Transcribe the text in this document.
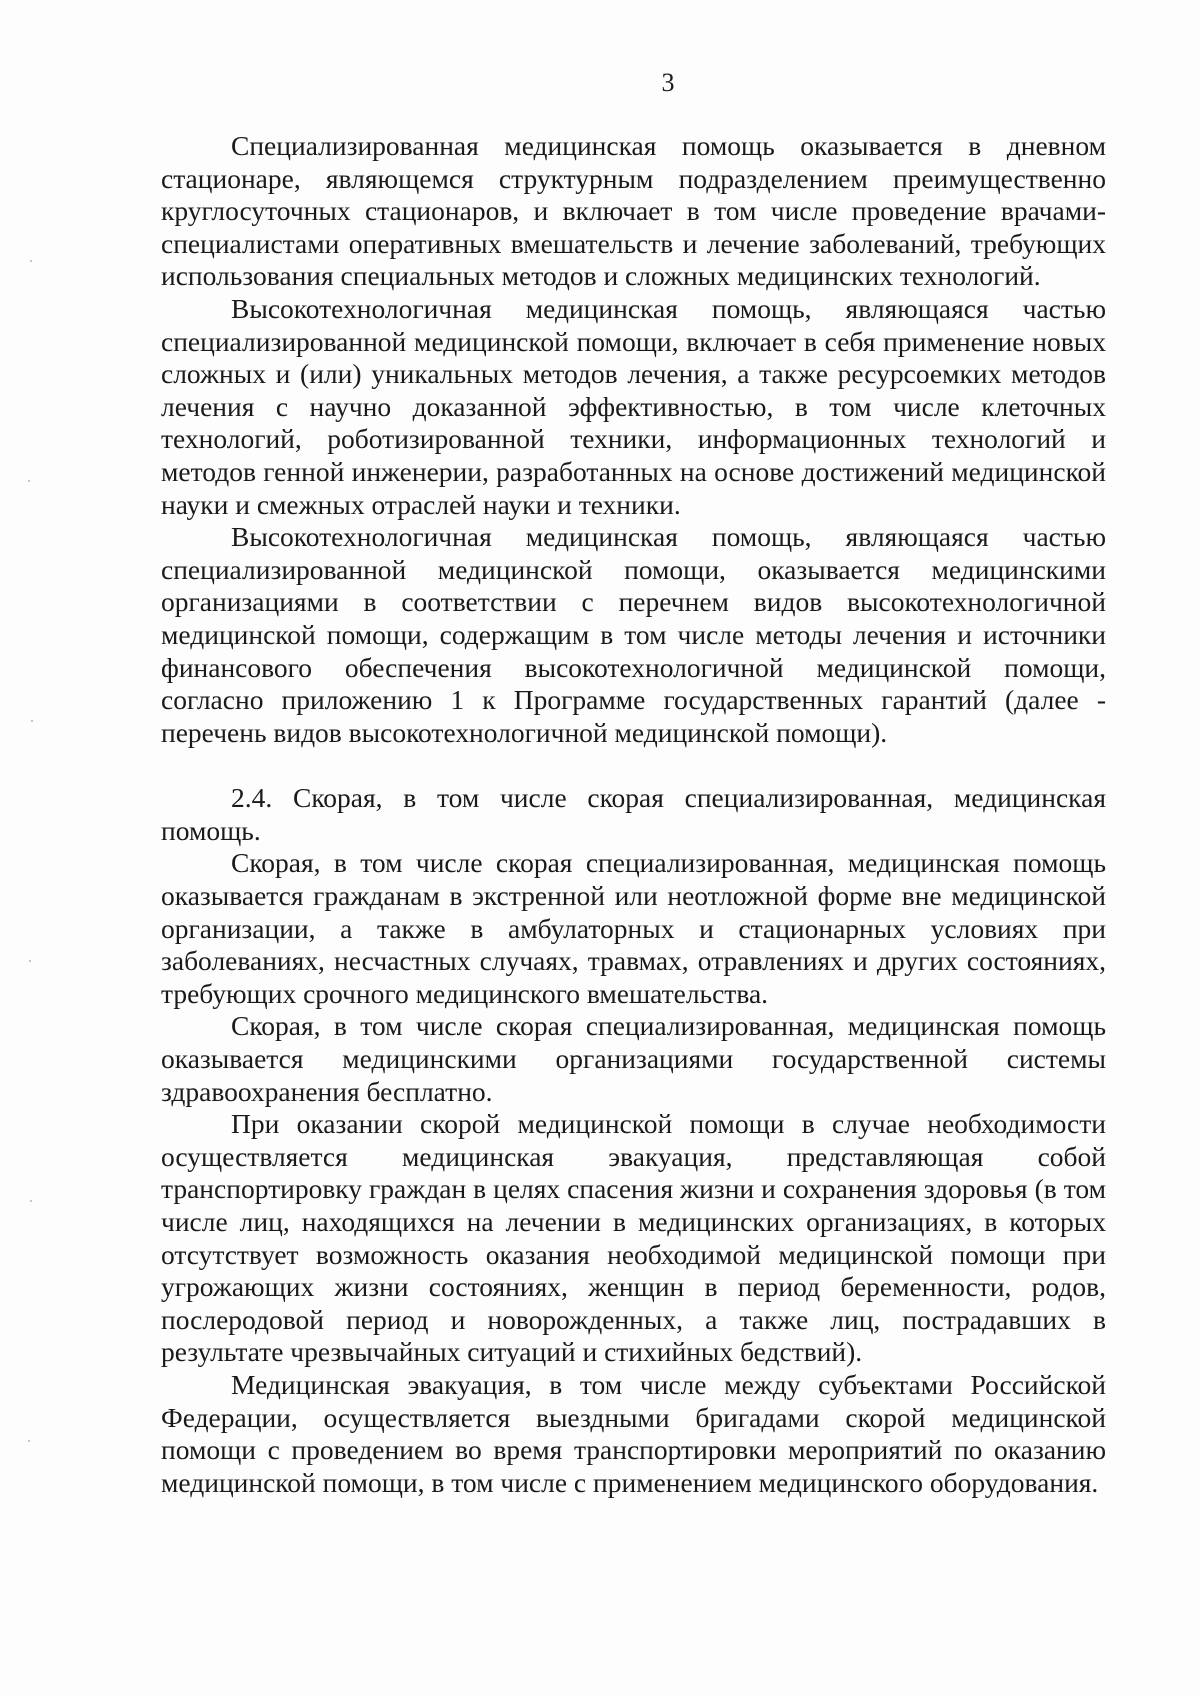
3

Специализированная медицинская помощь оказывается в дневном стационаре, являющемся структурным подразделением преимущественно круглосуточных стационаров, и включает в том числе проведение врачами-специалистами оперативных вмешательств и лечение заболеваний, требующих использования специальных методов и сложных медицинских технологий.

Высокотехнологичная медицинская помощь, являющаяся частью специализированной медицинской помощи, включает в себя применение новых сложных и (или) уникальных методов лечения, а также ресурсоемких методов лечения с научно доказанной эффективностью, в том числе клеточных технологий, роботизированной техники, информационных технологий и методов генной инженерии, разработанных на основе достижений медицинской науки и смежных отраслей науки и техники.

Высокотехнологичная медицинская помощь, являющаяся частью специализированной медицинской помощи, оказывается медицинскими организациями в соответствии с перечнем видов высокотехнологичной медицинской помощи, содержащим в том числе методы лечения и источники финансового обеспечения высокотехнологичной медицинской помощи, согласно приложению 1 к Программе государственных гарантий (далее - перечень видов высокотехнологичной медицинской помощи).

2.4. Скорая, в том числе скорая специализированная, медицинская помощь.

Скорая, в том числе скорая специализированная, медицинская помощь оказывается гражданам в экстренной или неотложной форме вне медицинской организации, а также в амбулаторных и стационарных условиях при заболеваниях, несчастных случаях, травмах, отравлениях и других состояниях, требующих срочного медицинского вмешательства.

Скорая, в том числе скорая специализированная, медицинская помощь оказывается медицинскими организациями государственной системы здравоохранения бесплатно.

При оказании скорой медицинской помощи в случае необходимости осуществляется медицинская эвакуация, представляющая собой транспортировку граждан в целях спасения жизни и сохранения здоровья (в том числе лиц, находящихся на лечении в медицинских организациях, в которых отсутствует возможность оказания необходимой медицинской помощи при угрожающих жизни состояниях, женщин в период беременности, родов, послеродовой период и новорожденных, а также лиц, пострадавших в результате чрезвычайных ситуаций и стихийных бедствий).

Медицинская эвакуация, в том числе между субъектами Российской Федерации, осуществляется выездными бригадами скорой медицинской помощи с проведением во время транспортировки мероприятий по оказанию медицинской помощи, в том числе с применением медицинского оборудования.
